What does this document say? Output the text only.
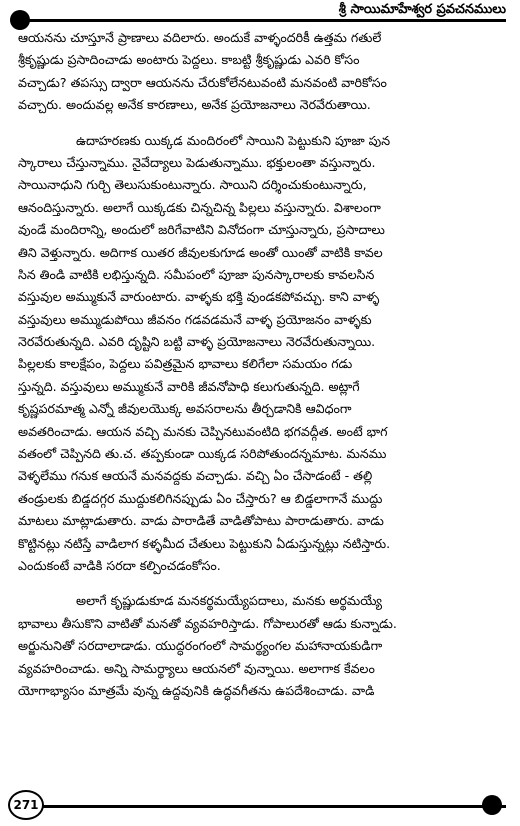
శ్రీ సాయిమాహేశ్వర ప్రవచనములు
ఆయనను చూస్తూనే ప్రాణాలు వదిలారు. అందుకే వాళ్ళందరికీ ఉత్తమ గతులే
శ్రీకృష్ణుడు ప్రసాదించాడు అంటారు పెద్దలు. కాబట్టి శ్రీకృష్ణుడు ఎవరి కోసం
వచ్చాడు? తపస్సు ద్వారా ఆయనను చేరుకోలేనటువంటి మనవంటి వారికోసం
వచ్చారు. అందువల్ల అనేక కారణాలు, అనేక ప్రయోజనాలు నెరవేరుతాయి.
ఉదాహరణకు యిక్కడ మందిరంలో సాయిని పెట్టుకుని పూజా పున
స్కారాలు చేస్తున్నాము. నైవేద్యాలు పెడుతున్నాము. భక్తులంతా వస్తున్నారు.
సాయినాధుని గుర్చి తెలుసుకుంటున్నారు. సాయిని దర్శించుకుంటున్నారు,
ఆనందిస్తున్నారు. అలాగే యిక్కడకు చిన్నచిన్న పిల్లలు వస్తున్నారు. విశాలంగా
వుండే మందిరాన్ని, అందులో జరిగేవాటిని వినోదంగా చూస్తున్నారు, ప్రసాదాలు
తిని వెళ్తున్నారు. అదిగాక యితర జీవులకుగూడ అంతో యింతో వాటికి కావల
సిన తిండి వాటికి లభిస్తున్నది. సమీపంలో పూజా పునస్కారాలకు కావలసిన
వస్తువుల అమ్ముకునే వారుంటారు. వాళ్ళకు భక్తి వుండకపోవచ్చు. కాని వాళ్ళ
వస్తువులు అమ్ముడుపోయి జీవనం గడవడమనే వాళ్ళ ప్రయోజనం వాళ్ళకు
నెరవేరుతున్నది. ఎవరి దృష్టిని బట్టి వాళ్ళ ప్రయోజనాలు నెరవేరుతున్నాయి.
పిల్లలకు కాలక్షేపం, పెద్దలు పవిత్రమైన భావాలు కలిగేలా సమయం గడు
స్తున్నది. వస్తువులు అమ్ముకునే వారికి జీవనోపాధి కలుగుతున్నది. అట్లాగే
కృష్ణపరమాత్మ ఎన్నో జీవులయొక్క అవసరాలను తీర్చడానికి ఆవిధంగా
అవతరించాడు. ఆయన వచ్చి మనకు చెప్పినటువంటిది భగవద్గీత. అంటే భాగ
వతంలో చెప్పినది తు.చ. తప్పకుండా యిక్కడ సరిపోతుందన్నమాట. మనము
వెళ్ళలేము గనుక ఆయనే మనవద్దకు వచ్చాడు. వచ్చి ఏం చేసాడంటే - తల్లి
తండ్రులకు బిడ్డదగ్గర ముద్దుకలిగినప్పుడు ఏం చేస్తారు? ఆ బిడ్డలాగానే ముద్దు
మాటలు మాట్లాడుతారు. వాడు పారాడితే వాడితోపాటు పారాడుతారు. వాడు
కొట్టినట్లు నటిస్తే వాడిలాగ కళ్ళమీద చేతులు పెట్టుకుని ఏడుస్తున్నట్లు నటిస్తారు.
ఎందుకంటే వాడికి సరదా కల్పించడంకోసం.
అలాగే కృష్ణుడుకూడ మనకర్థమయ్యేపదాలు, మనకు అర్థమయ్యే
భావాలు తీసుకొని వాటితో మనతో వ్యవహరిస్తాడు. గోపాలురతో ఆడు కున్నాడు.
అర్జునునితో సరదాలాడాడు. యుద్ధరంగంలో సామర్థ్యంగల మహానాయకుడిగా
వ్యవహరించాడు. అన్ని సామర్థ్యాలు ఆయనలో వున్నాయి. అలాగాక కేవలం
యోగాభ్యాసం మాత్రమే వున్న ఉద్దవునికి ఉద్ధవగీతను ఉపదేశించాడు. వాడి
271
